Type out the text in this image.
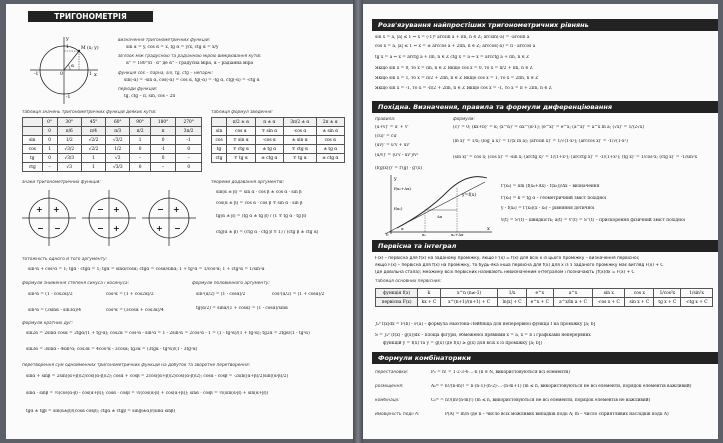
ТРИГОНОМЕТРІЯ
M (x; y)
y
x
1
-1
0	1
-1
α
визначення тригонометричних функцій:
sin α = y, cos α = x, tg α = y/x, ctg α = x/y
зв'язок між градусною та радіанною мірою вимірювання кутів:
α° = 180°/π · α° де α° – градусна міра, α – радіанна міра
функція cos – парна, sin, tg, ctg – непарні:
sin(-α) = -sin α, cos(-α) = cos α, tg(-α) = -tg α, ctg(-α) = -ctg α
періоди функцій:
tg, ctg – π, sin, cos – 2π
таблиця значень тригонометричних функцій деяких кутів:
	0°	30°	45°	60°	90°	180°	270°
	0	π/6	π/4	π/3	π/2	π	3π/2
sin	0	1/2	√2/2	√3/2	1	0	-1
cos	1	√3/2	√2/2	1/2	0	-1	0
tg	0	√3/3	1	√3	–	0	–
ctg	–	√3	1	√3/3	0	–	0
таблиця формул зведення:
	π/2 ± α	π ± α	3π/2 ± α	2π ± α
sin	cos α	∓ sin α	-cos α	± sin α
cos	∓ sin α	-cos α	± sin α	cos α
tg	∓ ctg α	± tg α	∓ ctg α	± tg α
ctg	∓ tg α	± ctg α	∓ tg α	± ctg α
знаки тригонометричних функцій:
+ +
− −
− +
− +
− +
+ −
теореми додавання аргументів:
sin(α ± β) = sin α · cos β ± cos α · sin β
cos(α ± β) = cos α · cos β ∓ sin α · sin β
tg(α ± β) = (tg α ± tg β) / (1 ∓ tg α · tg β)
ctg(α ± β) = (ctg α · ctg β ∓ 1) / (ctg β ± ctg α)
тотожність одного й того аргументу:
sin²α + cos²α = 1; tgα · ctgα = 1; tgα = sinα/cosα; ctgα = cosα/sinα; 1 + tg²α = 1/cos²α; 1 + ctg²α = 1/sin²α
формули зниження степеня синуса і косинуса:	формули половинного аргументу:
sin²α = (1 - cos2α)/2	cos²α = (1 + cos2α)/2
sin³α = (3sinα - sin3α)/4	cos³α = (3cosα + cos3α)/4
sin²(α/2) = (1 - cosα)/2	cos²(α/2) = (1 + cosα)/2
tg(α/2) = sinα/(1 + cosα) = (1 - cosα)/sinα
формули кратних дуг:
sin2α = 2sinα cosα = 2tgα/(1 + tg²α); cos2α = cos²α - sin²α = 1 - 2sin²α = 2cos²α - 1 = (1 - tg²α)/(1 + tg²α); tg2α = 2tgα/(1 - tg²α)
sin3α = 3sinα - 4sin³α; cos3α = 4cos³α - 3cosα; tg3α = (3tgα - tg³α)/(1 - 3tg²α)
перетворення сум однойменних тригонометричних функцій на добуток та зворотне перетворення:
sinα + sinβ = 2sin((α+β)/2)cos((α-β)/2); cosα + cosβ = 2cos((α+β)/2)cos((α-β)/2); cosα - cosβ = -2sin((α+β)/2)sin((α-β)/2)
sinα · sinβ = ½(cos(α-β) - cos(α+β)); cosα · cosβ = ½(cos(α-β) + cos(α+β)); sinα · cosβ = ½(sin(α-β) + sin(α+β))
tgα ± tgβ = sin(α±β)/(cosα cosβ); ctgα ± ctgβ = sin(β±α)/(sinα sinβ)
Розв'язування найпростіших тригонометричних рівнянь
sin x = a, |a| ≤ 1 ⇔ x = (-1)ⁿ arcsin a + πn, n ∈ Z; arcsin(-a) = -arcsin a
cos x = a, |a| ≤ 1 ⇔ x = ± arccos a + 2πn, n ∈ Z; arccos(-a) = π - arccos a
tg x = a ⇔ x = arctg a + πn, n ∈ Z ctg x = a ⇔ x = arcctg a + πn, n ∈ Z
Якщо sin x = 0, то x = πn, n ∈ Z Якщо cos x = 0, то x = π/2 + πn, n ∈ Z
Якщо sin x = 1, то x = π/2 + 2πn, n ∈ Z Якщо cos x = 1, то x = 2πn, n ∈ Z
Якщо sin x = -1, то x = -π/2 + 2πn, n ∈ Z Якщо cos x = -1, то x = π + 2πn, n ∈ Z
Похідна. Визначення, правила та формули диференціювання
правила:	формули:
(u+v)' = u' + v'
(cu)' = cu'
(uv)' = u'v + uv'
(u/v)' = (u'v - uv')/v²
(f(g(x)))' = f'(g) · g'(x)
(c)' = 0; (kx+b)' = k; (x^α)' = αx^(α-1); (e^x)' = e^x; (a^x)' = a^x ln a; (√x)' = 1/(2√x)
(ln x)' = 1/x; (log_a x)' = 1/(x ln a); (arcsin x)' = 1/√(1-x²); (arccos x)' = -1/√(1-x²)
(sin x)' = cos x; (cos x)' = -sin x; (arctg x)' = 1/(1+x²); (arcctg x)' = -1/(1+x²); (tg x)' = 1/cos²x; (ctg x)' = -1/sin²x
y
f(x₀+Δx)
f(x₀)
y=f(x)
Δx
x₀	x₀+Δx
x
0
α
f'(x₀) = lim (f(x₀+Δx) - f(x₀))/Δx – визначення
f'(x₀) = k = tg α – геометричний зміст похідної
y - f(x₀) = f'(x₀)(x - x₀) – рівняння дотичної
v(t) = S'(t) – швидкість; a(t) = v'(t) = S''(t) – прискорення фізичний зміст похідної
Первісна та інтеграл
F(x) – первісна для f(x) на заданому проміжку, якщо F'(x) = f(x) для всіх x із цього проміжку – визначення первісної;
якщо F(x) – первісна для f(x) на проміжку, то будь-яка інша первісна для f(x) для x із з заданого проміжку має вигляд F(x) + C
(де довільна стала); множину всіх первісних називають невизначеним інтегралом і позначають ∫f(x)dx = F(x) + C
таблиця основних первісних:
функція f(x)	k	x^n (n≠-1)	1/x	e^x	a^x	sin x	cos x	1/cos²x	1/sin²x
первісна F(x)	kx + C	x^(n+1)/(n+1) + C	ln|x| + C	e^x + C	a^x/ln a + C	-cos x + C	sin x + C	tg x + C	-ctg x + C
∫ₐᵇ f(x)dx = F(b) - F(a) – формула Ньютона-Лейбніца для неперервної функції f на проміжку [a; b]
S = ∫ₐᵇ (f(x) - g(x))dx – площа фігури, обмеженої прямими x = a, x = b і графіками неперервних
функцій y = f(x) та y = g(x) (де f(x) ≥ g(x) для всіх x із проміжку [a; b])
Формули комбінаторики
перестановки:	Pₙ = n! = 1·2·3·4·...·n (n ∈ N, використовуються всі елементи)
розміщення:	Aₙᵐ = n!/(n-m)! = n·(n-1)·(n-2)·...·(n-m+1) (m ≤ n, використовуються не всі елементи, порядок елементів важливий)
комбінації:	Cₙᵐ = n!/(m!(n-m)!) (m ≤ n, використовуються не всі елементи, порядок елементів не важливий)
ймовірність події A:	P(A) = m/n (де n – число всіх можливих випадків події A; m – число сприятливих наслідків події A)
